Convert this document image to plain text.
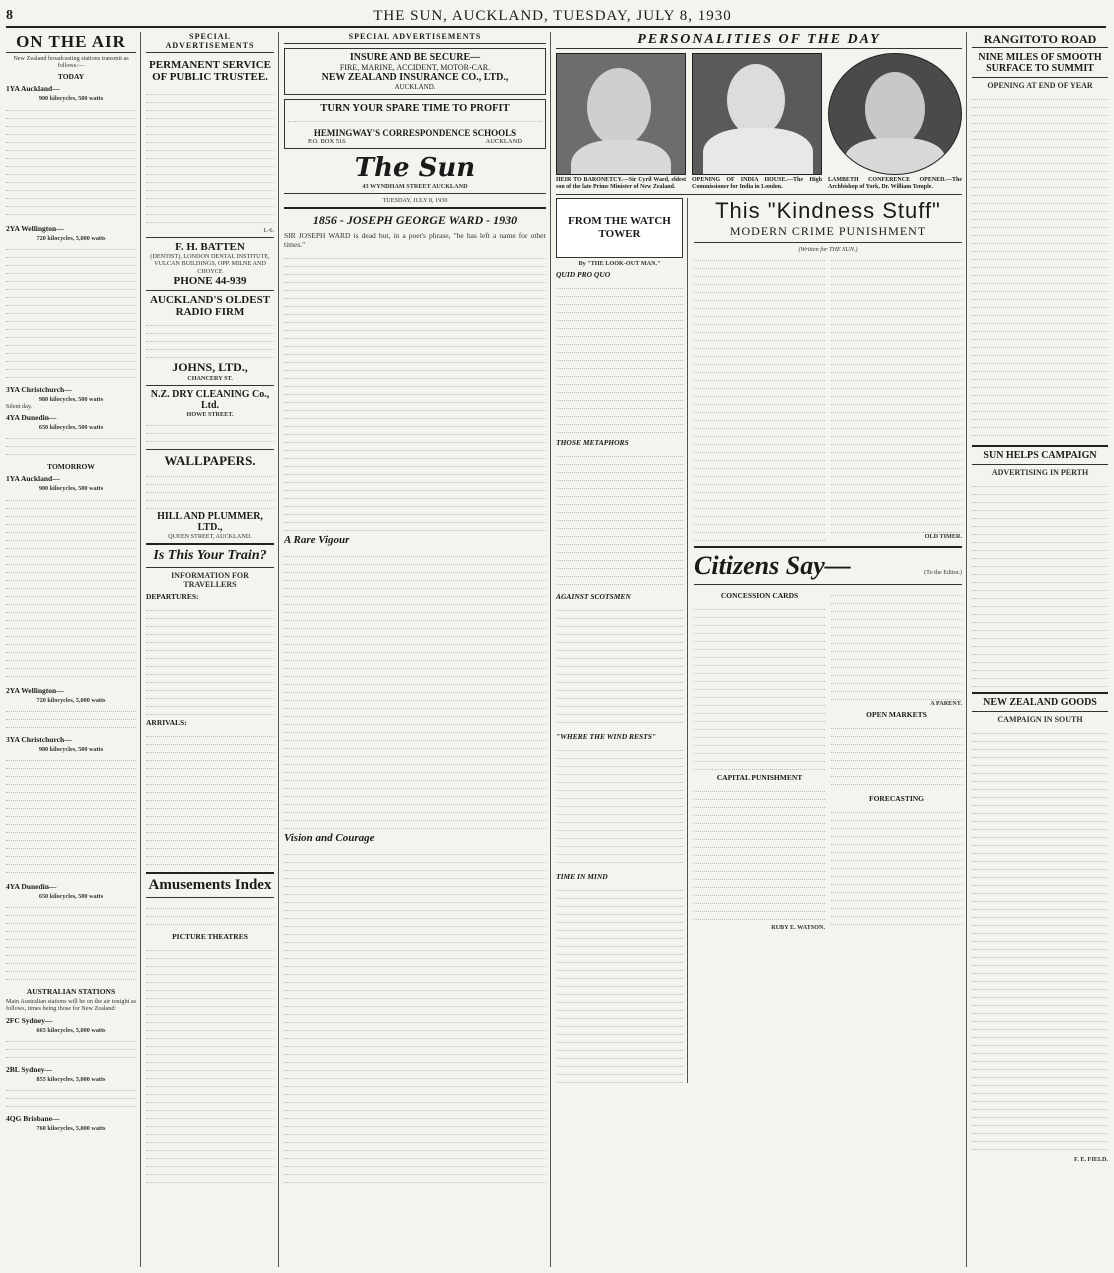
8	THE SUN, AUCKLAND, TUESDAY, JULY 8, 1930
ON THE AIR
New Zealand broadcasting stations transmit as follows:—
TODAY
1YA Auckland—
900 kilocycles, 500 watts
2YA Wellington—
720 kilocycles, 5,000 watts
3YA Christchurch—
980 kilocycles, 500 watts
Silent day.
4YA Dunedin—
650 kilocycles, 500 watts
TOMORROW
1YA Auckland—
900 kilocycles, 500 watts
2YA Wellington—
720 kilocycles, 5,000 watts
3YA Christchurch—
980 kilocycles, 500 watts
4YA Dunedin—
650 kilocycles, 500 watts
AUSTRALIAN STATIONS
Main Australian stations will be on the air tonight as follows, times being those for New Zealand:
2FC Sydney—
665 kilocycles, 5,000 watts
2BL Sydney—
855 kilocycles, 5,000 watts
4QG Brisbane—
760 kilocycles, 5,000 watts
SPECIAL ADVERTISEMENTS
PERMANENT SERVICE OF PUBLIC TRUSTEE.
L-6.
F. H. BATTEN
(DENTIST), LONDON DENTAL INSTITUTE, VULCAN BUILDINGS, OPP. MILNE AND CHOYCE
PHONE 44-939
AUCKLAND'S OLDEST RADIO FIRM
JOHNS, LTD.,
CHANCERY ST.
N.Z. DRY CLEANING Co., Ltd.
HOWE STREET.
WALLPAPERS.
HILL AND PLUMMER, LTD.,
QUEEN STREET, AUCKLAND.
Is This Your Train?
INFORMATION FOR TRAVELLERS
DEPARTURES:
ARRIVALS:
Amusements Index
PICTURE THEATRES
SPECIAL ADVERTISEMENTS
INSURE AND BE SECURE—
FIRE, MARINE, ACCIDENT, MOTOR-CAR.
NEW ZEALAND INSURANCE CO., LTD.,
AUCKLAND.
TURN YOUR SPARE TIME TO PROFIT
HEMINGWAY'S CORRESPONDENCE SCHOOLS
P.O. BOX 516	AUCKLAND
The Sun
43 WYNDHAM STREET AUCKLAND
TUESDAY, JULY 8, 1930
1856 - JOSEPH GEORGE WARD - 1930
SIR JOSEPH WARD is dead but, in a poet's phrase, "he has left a name for other times."
A Rare Vigour
Vision and Courage
PERSONALITIES OF THE DAY
HEIR TO BARONETCY.—Sir Cyril Ward, eldest son of the late Prime Minister of New Zealand.
OPENING OF INDIA HOUSE.—The High Commissioner for India in London.
LAMBETH CONFERENCE OPENED.—The Archbishop of York, Dr. William Temple.
FROM THE WATCH TOWER
By "THE LOOK-OUT MAN."
QUID PRO QUO
THOSE METAPHORS
AGAINST SCOTSMEN
"WHERE THE WIND RESTS"
TIME IN MIND
This "Kindness Stuff"
MODERN CRIME PUNISHMENT
(Written for THE SUN.)
OLD TIMER.
Citizens Say—	(To the Editor.)
CONCESSION CARDS
CAPITAL PUNISHMENT
RUBY E. WATSON.
A PARENT.
OPEN MARKETS
FORECASTING
RANGITOTO ROAD
NINE MILES OF SMOOTH SURFACE TO SUMMIT
OPENING AT END OF YEAR
SUN HELPS CAMPAIGN
ADVERTISING IN PERTH
NEW ZEALAND GOODS
CAMPAIGN IN SOUTH
F. E. FIELD.
